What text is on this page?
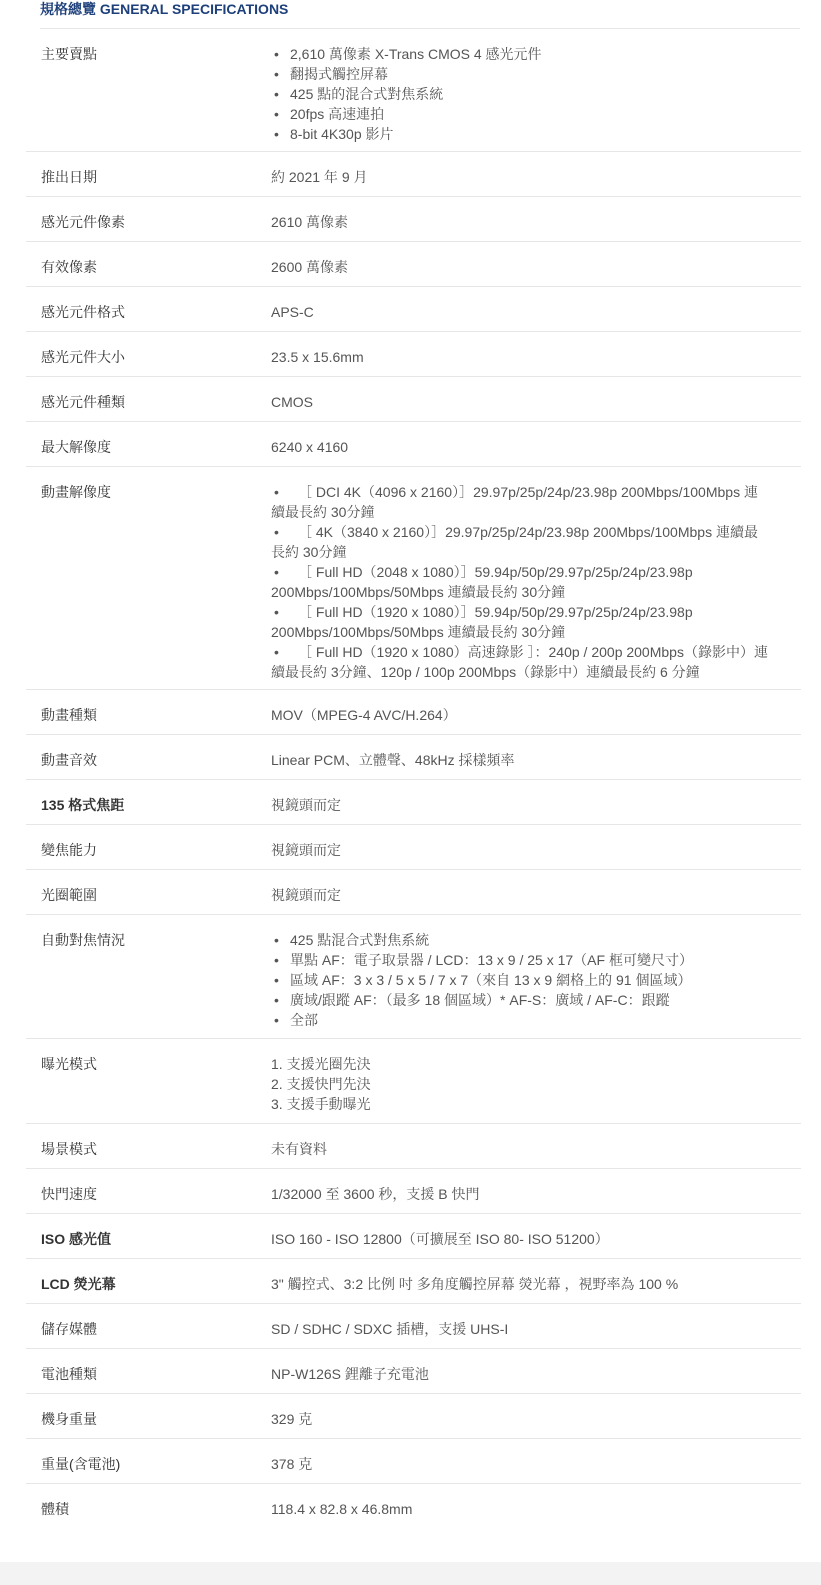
規格總覽 GENERAL SPECIFICATIONS
主要賣點	• 2,610 萬像素 X-Trans CMOS 4 感光元件
• 翻揭式觸控屏幕
• 425 點的混合式對焦系統
• 20fps 高速連拍
• 8-bit 4K30p 影片
推出日期	約 2021 年 9 月
感光元件像素	2610 萬像素
有效像素	2600 萬像素
感光元件格式	APS-C
感光元件大小	23.5 x 15.6mm
感光元件種類	CMOS
最大解像度	6240 x 4160
動畫解像度	• ［ DCI 4K（4096 x 2160）］29.97p/25p/24p/23.98p 200Mbps/100Mbps 連續最長約 30分鐘
• ［ 4K（3840 x 2160）］29.97p/25p/24p/23.98p 200Mbps/100Mbps 連續最長約 30分鐘
• ［ Full HD（2048 x 1080）］59.94p/50p/29.97p/25p/24p/23.98p 200Mbps/100Mbps/50Mbps 連續最長約 30分鐘
• ［ Full HD（1920 x 1080）］59.94p/50p/29.97p/25p/24p/23.98p 200Mbps/100Mbps/50Mbps 連續最長約 30分鐘
• ［ Full HD（1920 x 1080）高速錄影 ］：240p / 200p 200Mbps（錄影中）連續最長約 3分鐘、120p / 100p 200Mbps（錄影中）連續最長約 6 分鐘
動畫種類	MOV（MPEG-4 AVC/H.264）
動畫音效	Linear PCM、立體聲、48kHz 採樣頻率
135 格式焦距	視鏡頭而定
變焦能力	視鏡頭而定
光圈範圍	視鏡頭而定
自動對焦情況	• 425 點混合式對焦系統
• 單點 AF：電子取景器 / LCD：13 x 9 / 25 x 17（AF 框可變尺寸）
• 區域 AF：3 x 3 / 5 x 5 / 7 x 7（來自 13 x 9 網格上的 91 個區域）
• 廣域/跟蹤 AF：（最多 18 個區域）* AF-S：廣域 / AF-C：跟蹤
• 全部
曝光模式	1. 支援光圈先決
2. 支援快門先決
3. 支援手動曝光
場景模式	未有資料
快門速度	1/32000 至 3600 秒，支援 B 快門
ISO 感光值	ISO 160 - ISO 12800（可擴展至 ISO 80- ISO 51200）
LCD 熒光幕	3" 觸控式、3:2 比例 吋 多角度觸控屏幕 熒光幕 ，視野率為 100 %
儲存媒體	SD / SDHC / SDXC 插槽，支援 UHS-I
電池種類	NP-W126S 鋰離子充電池
機身重量	329 克
重量(含電池)	378 克
體積	118.4 x 82.8 x 46.8mm
